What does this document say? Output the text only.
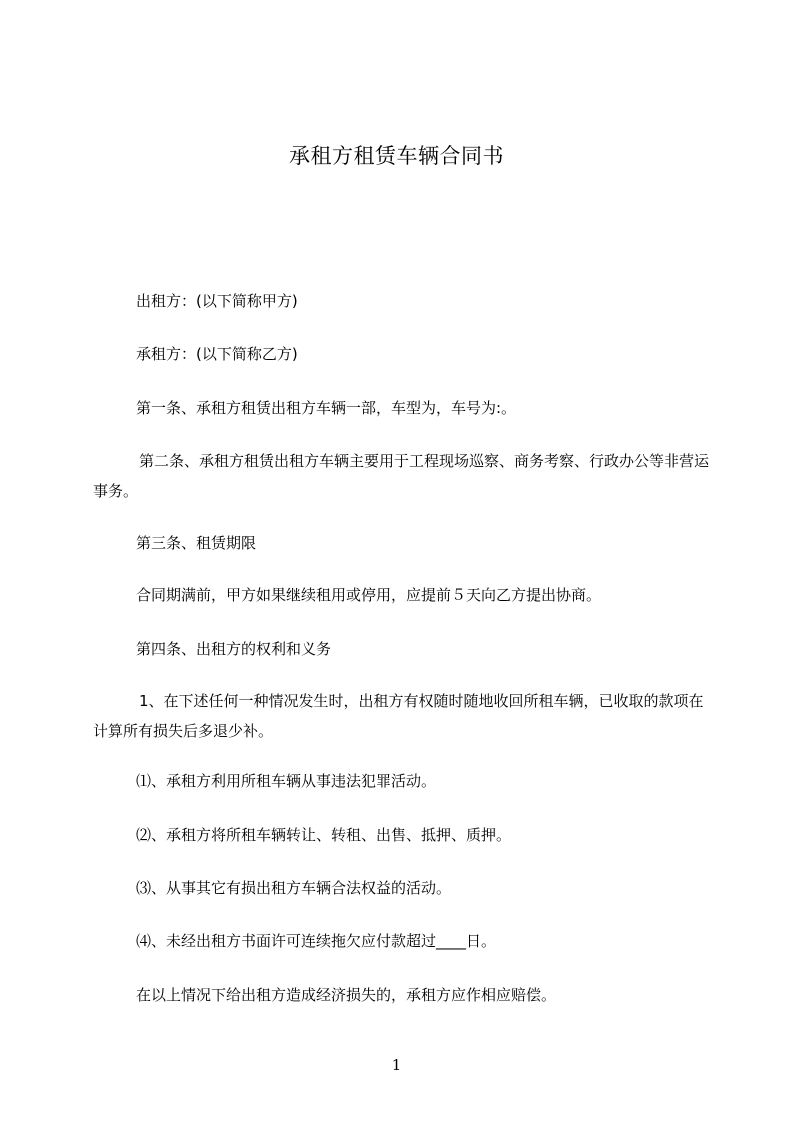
承租方租赁车辆合同书

出租方：(以下简称甲方)

承租方：(以下简称乙方)

第一条、承租方租赁出租方车辆一部，车型为，车号为:。

第二条、承租方租赁出租方车辆主要用于工程现场巡察、商务考察、行政办公等非营运事务。

第三条、租赁期限

合同期满前，甲方如果继续租用或停用，应提前５天向乙方提出协商。

第四条、出租方的权利和义务

1、在下述任何一种情况发生时，出租方有权随时随地收回所租车辆，已收取的款项在计算所有损失后多退少补。

⑴、承租方利用所租车辆从事违法犯罪活动。

⑵、承租方将所租车辆转让、转租、出售、抵押、质押。

⑶、从事其它有损出租方车辆合法权益的活动。

⑷、未经出租方书面许可连续拖欠应付款超过____日。

在以上情况下给出租方造成经济损失的，承租方应作相应赔偿。

1
